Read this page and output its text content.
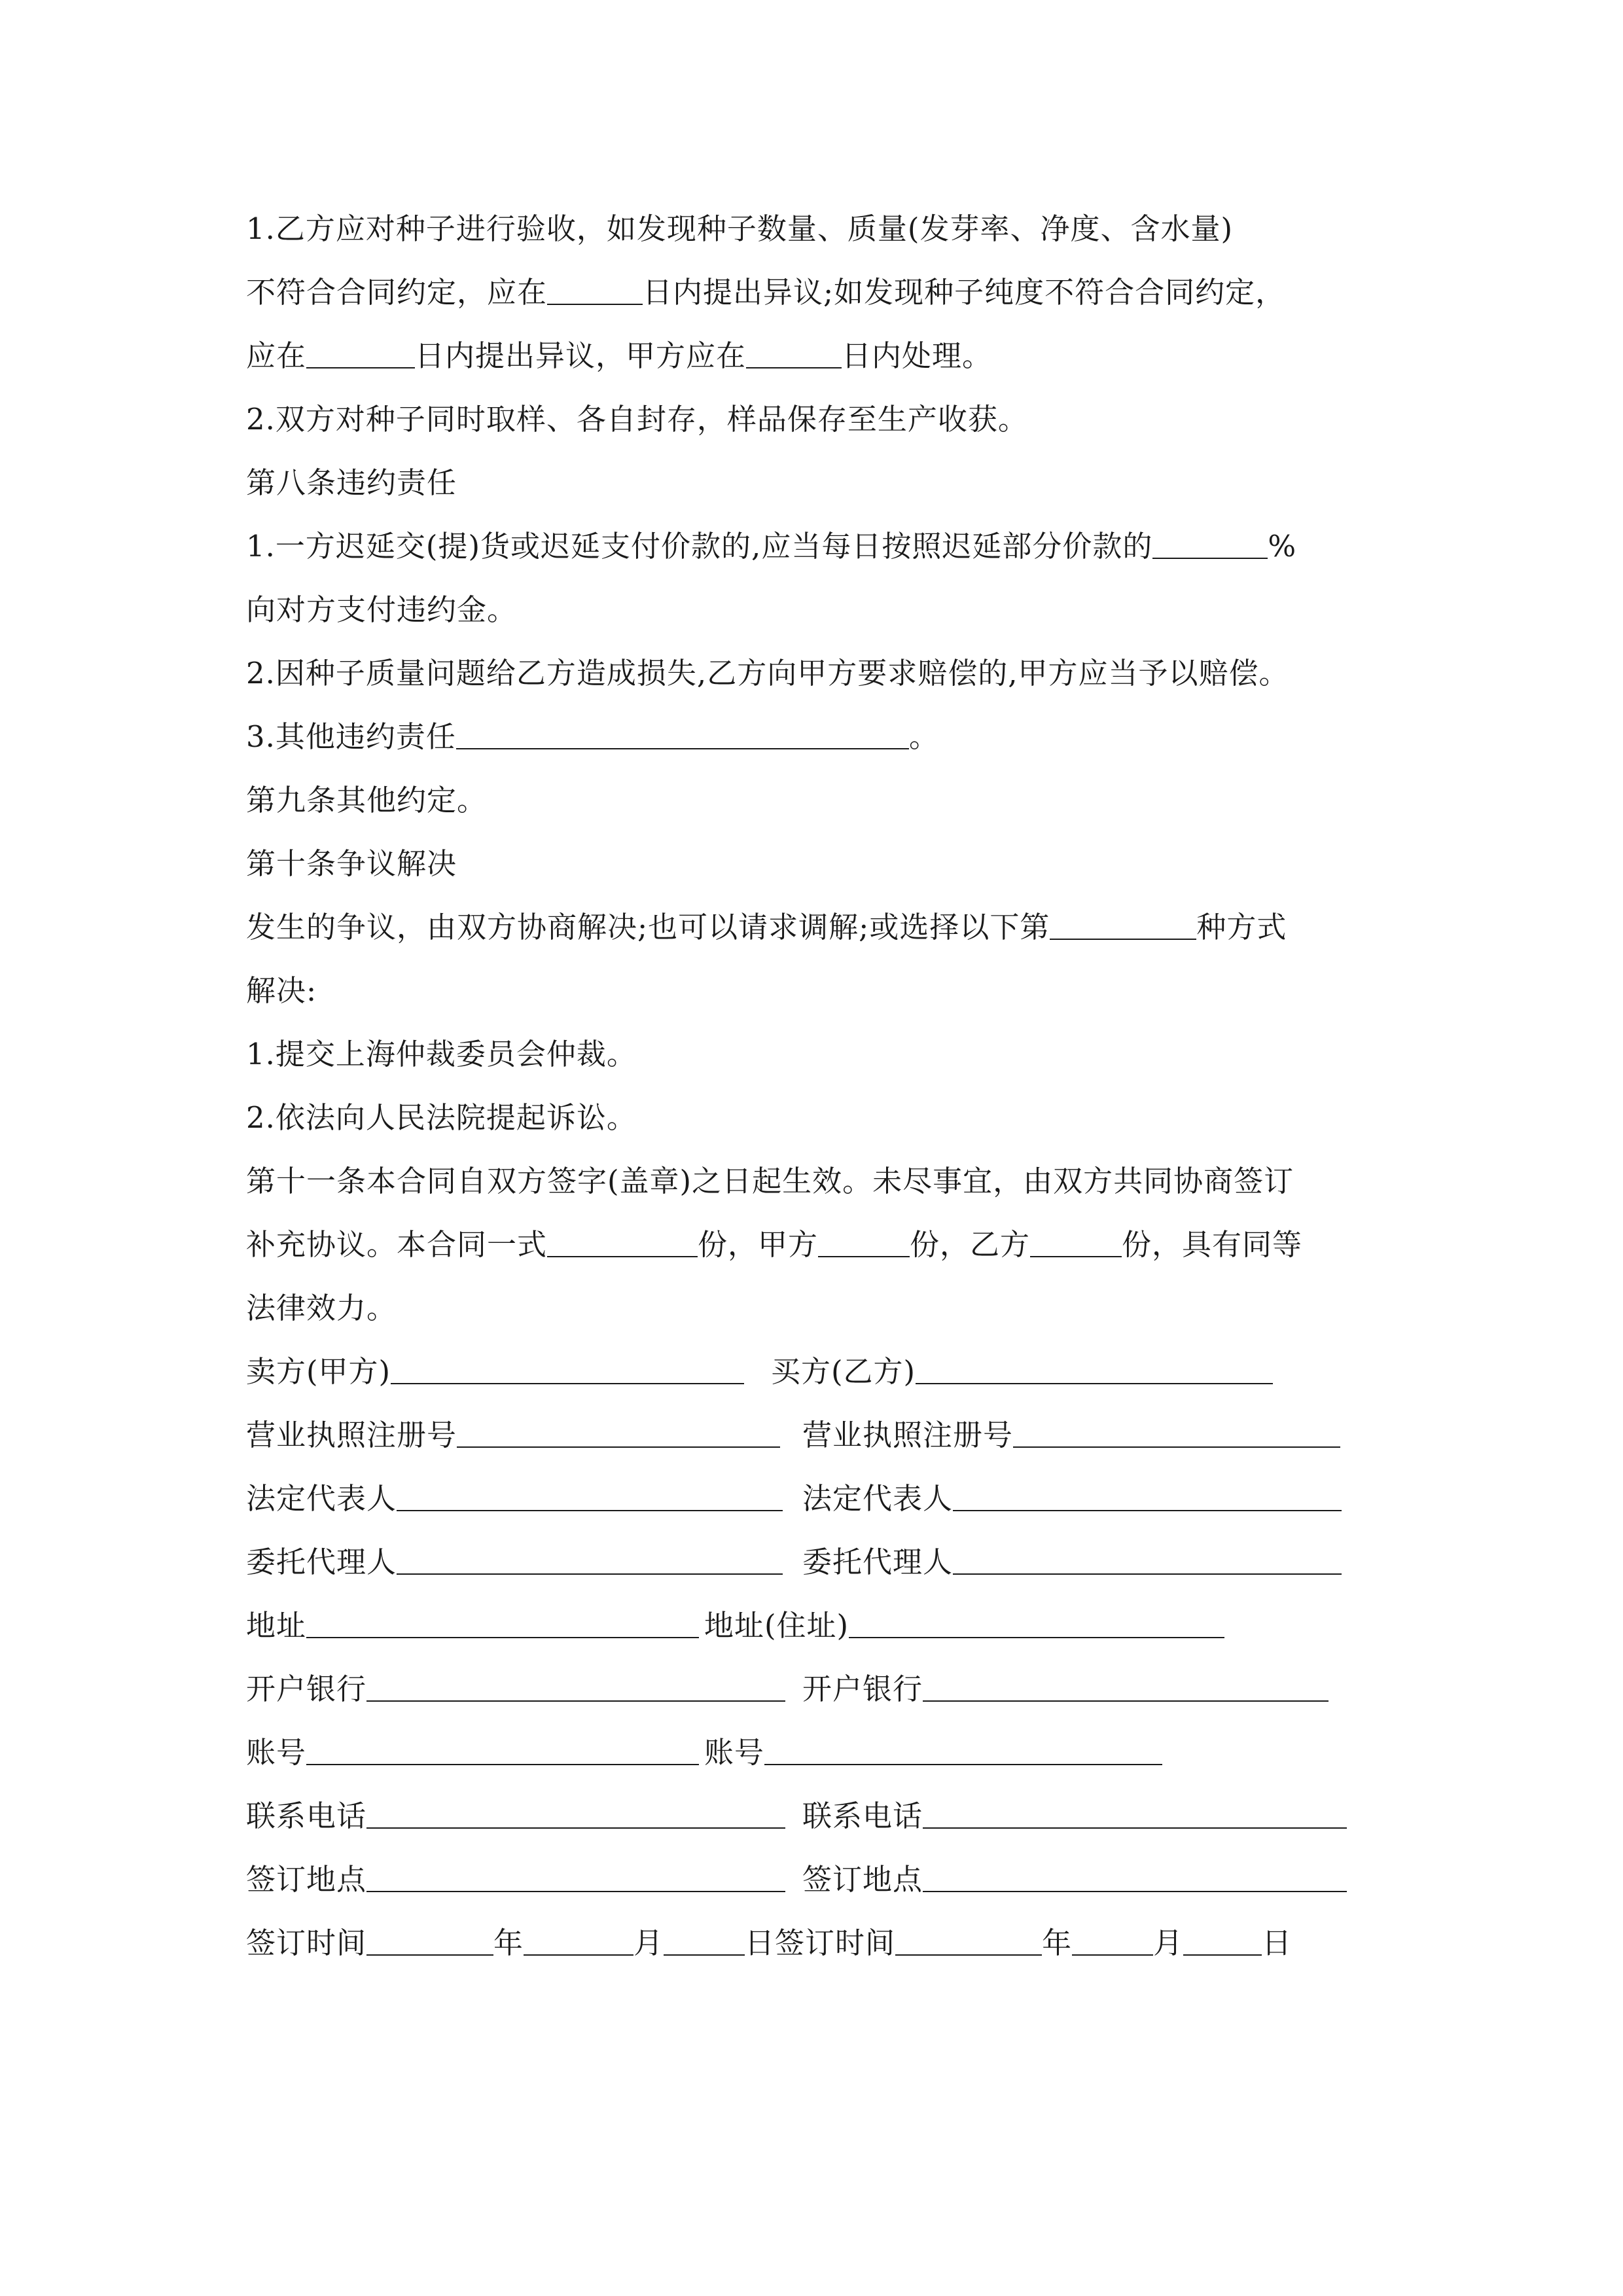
1.乙方应对种子进行验收，如发现种子数量、质量(发芽率、净度、含水量)
不符合合同约定，应在	日内提出异议;如发现种子纯度不符合合同约定，
应在	日内提出异议，甲方应在	日内处理。
2.双方对种子同时取样、各自封存，样品保存至生产收获。
第八条违约责任
1.一方迟延交(提)货或迟延支付价款的,应当每日按照迟延部分价款的	%
向对方支付违约金。
2.因种子质量问题给乙方造成损失,乙方向甲方要求赔偿的,甲方应当予以赔偿。
3.其他违约责任	。
第九条其他约定。
第十条争议解决
发生的争议，由双方协商解决;也可以请求调解;或选择以下第	种方式
解决:
1.提交上海仲裁委员会仲裁。
2.依法向人民法院提起诉讼。
第十一条本合同自双方签字(盖章)之日起生效。未尽事宜，由双方共同协商签订
补充协议。本合同一式	份，甲方	份，乙方	份，具有同等
法律效力。
卖方(甲方)	买方(乙方)
营业执照注册号	营业执照注册号
法定代表人	法定代表人
委托代理人	委托代理人
地址	地址(住址)
开户银行	开户银行
账号	账号
联系电话	联系电话
签订地点	签订地点
签订时间	年	月	日签订时间	年	月	日
